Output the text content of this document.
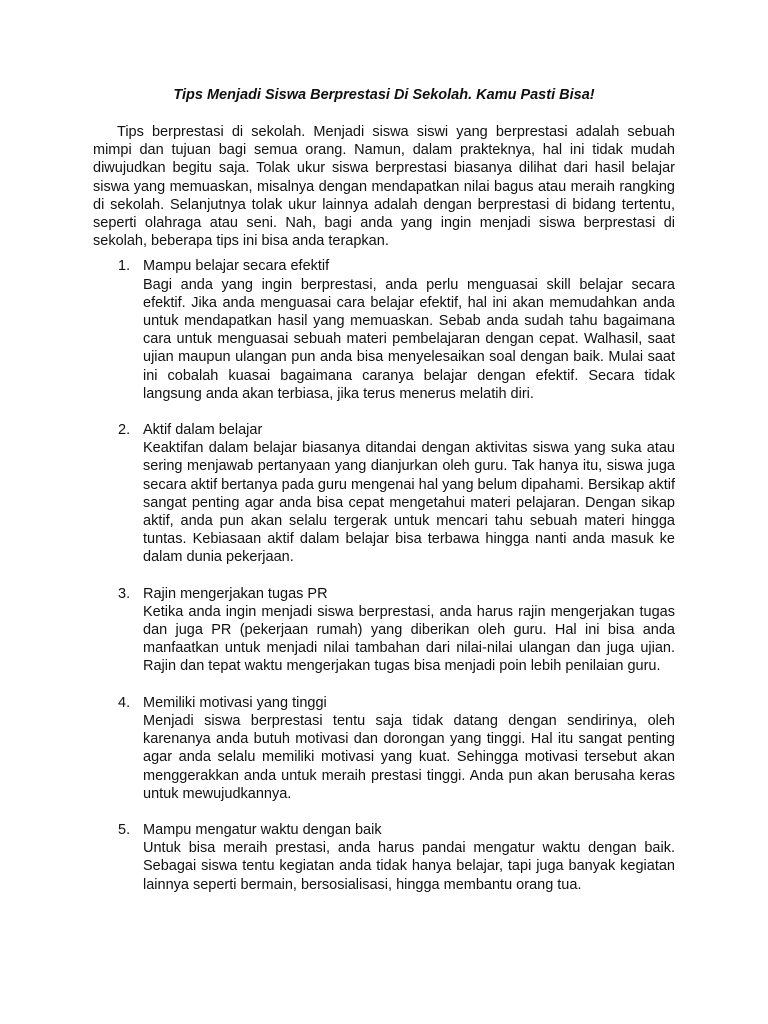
Tips Menjadi Siswa Berprestasi Di Sekolah. Kamu Pasti Bisa!

Tips berprestasi di sekolah. Menjadi siswa siswi yang berprestasi adalah sebuah mimpi dan tujuan bagi semua orang. Namun, dalam prakteknya, hal ini tidak mudah diwujudkan begitu saja. Tolak ukur siswa berprestasi biasanya dilihat dari hasil belajar siswa yang memuaskan, misalnya dengan mendapatkan nilai bagus atau meraih rangking di sekolah. Selanjutnya tolak ukur lainnya adalah dengan berprestasi di bidang tertentu, seperti olahraga atau seni. Nah, bagi anda yang ingin menjadi siswa berprestasi di sekolah, beberapa tips ini bisa anda terapkan.

1. Mampu belajar secara efektif
Bagi anda yang ingin berprestasi, anda perlu menguasai skill belajar secara efektif. Jika anda menguasai cara belajar efektif, hal ini akan memudahkan anda untuk mendapatkan hasil yang memuaskan. Sebab anda sudah tahu bagaimana cara untuk menguasai sebuah materi pembelajaran dengan cepat. Walhasil, saat ujian maupun ulangan pun anda bisa menyelesaikan soal dengan baik. Mulai saat ini cobalah kuasai bagaimana caranya belajar dengan efektif. Secara tidak langsung anda akan terbiasa, jika terus menerus melatih diri.
2. Aktif dalam belajar
Keaktifan dalam belajar biasanya ditandai dengan aktivitas siswa yang suka atau sering menjawab pertanyaan yang dianjurkan oleh guru. Tak hanya itu, siswa juga secara aktif bertanya pada guru mengenai hal yang belum dipahami. Bersikap aktif sangat penting agar anda bisa cepat mengetahui materi pelajaran. Dengan sikap aktif, anda pun akan selalu tergerak untuk mencari tahu sebuah materi hingga tuntas. Kebiasaan aktif dalam belajar bisa terbawa hingga nanti anda masuk ke dalam dunia pekerjaan.
3. Rajin mengerjakan tugas PR
Ketika anda ingin menjadi siswa berprestasi, anda harus rajin mengerjakan tugas dan juga PR (pekerjaan rumah) yang diberikan oleh guru. Hal ini bisa anda manfaatkan untuk menjadi nilai tambahan dari nilai-nilai ulangan dan juga ujian. Rajin dan tepat waktu mengerjakan tugas bisa menjadi poin lebih penilaian guru.
4. Memiliki motivasi yang tinggi
Menjadi siswa berprestasi tentu saja tidak datang dengan sendirinya, oleh karenanya anda butuh motivasi dan dorongan yang tinggi. Hal itu sangat penting agar anda selalu memiliki motivasi yang kuat. Sehingga motivasi tersebut akan menggerakkan anda untuk meraih prestasi tinggi. Anda pun akan berusaha keras untuk mewujudkannya.
5. Mampu mengatur waktu dengan baik
Untuk bisa meraih prestasi, anda harus pandai mengatur waktu dengan baik. Sebagai siswa tentu kegiatan anda tidak hanya belajar, tapi juga banyak kegiatan lainnya seperti bermain, bersosialisasi, hingga membantu orang tua.
